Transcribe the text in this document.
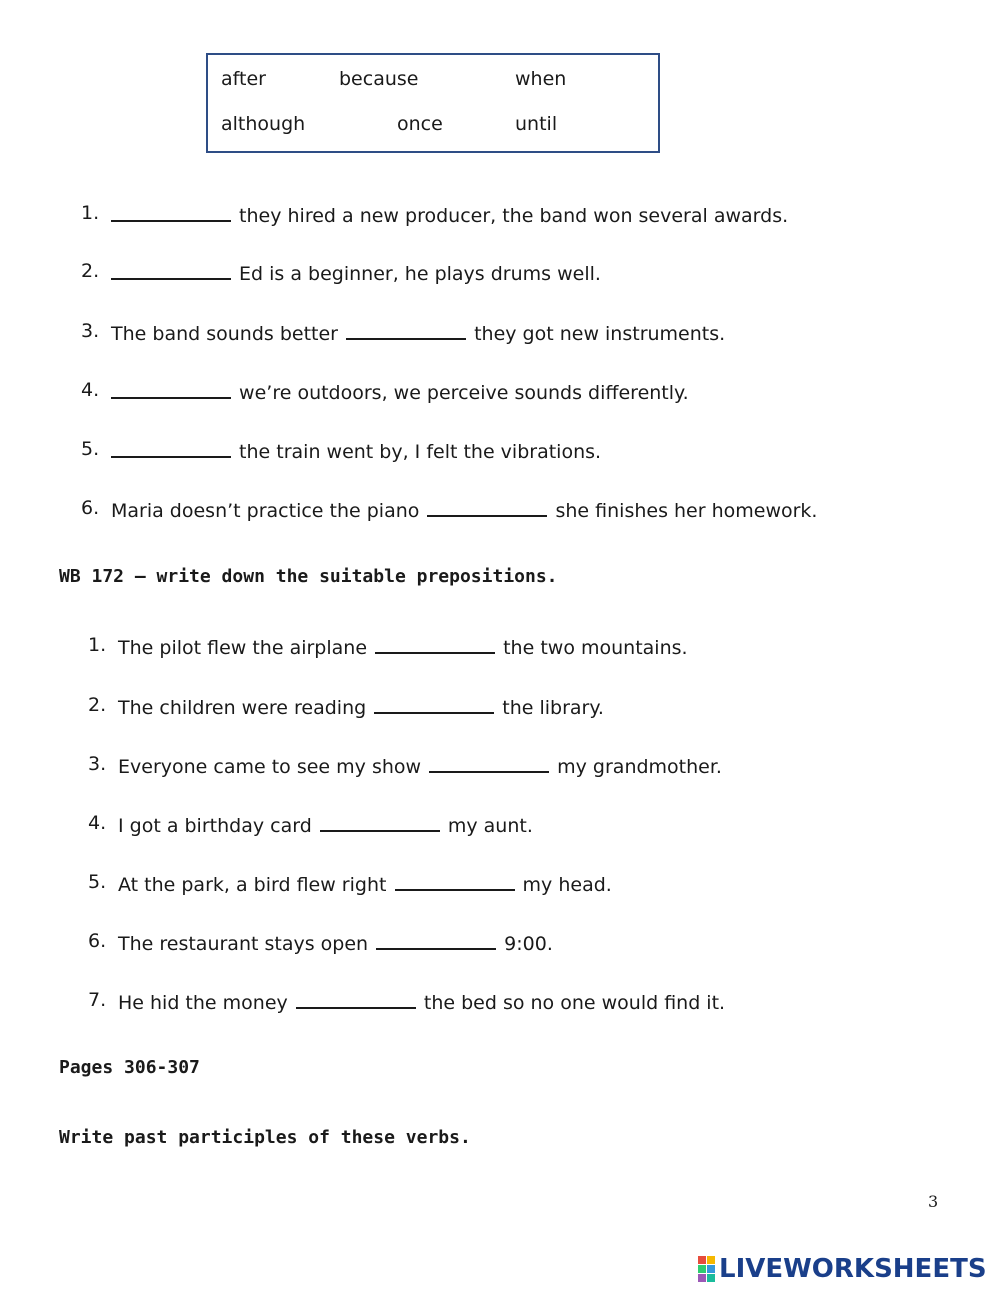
after	because	when
although	once	until
1.	they hired a new producer, the band won several awards.
2.	Ed is a beginner, he plays drums well.
3. The band sounds better	they got new instruments.
4.	we’re outdoors, we perceive sounds differently.
5.	the train went by, I felt the vibrations.
6. Maria doesn’t practice the piano	she finishes her homework.
WB 172 – write down the suitable prepositions.
1. The pilot flew the airplane	the two mountains.
2. The children were reading	the library.
3. Everyone came to see my show	my grandmother.
4. I got a birthday card	my aunt.
5. At the park, a bird flew right	my head.
6. The restaurant stays open	9:00.
7. He hid the money	the bed so no one would find it.
Pages 306-307
Write past participles of these verbs.
3
LIVEWORKSHEETS
